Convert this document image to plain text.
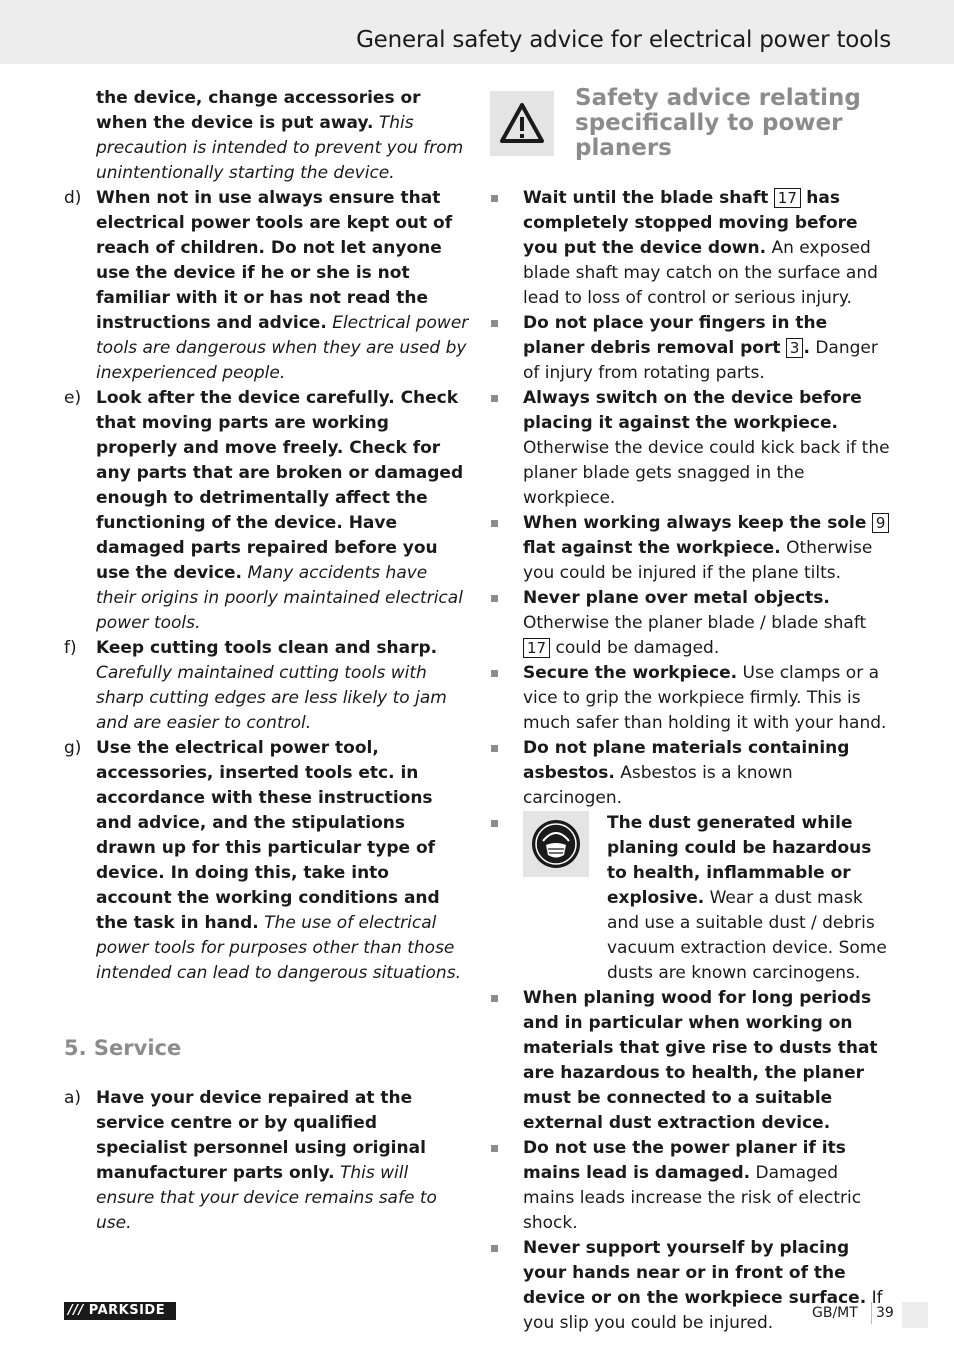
General safety advice for electrical power tools

the device, change accessories or when the device is put away. This precaution is intended to prevent you from unintentionally starting the device.

d) When not in use always ensure that electrical power tools are kept out of reach of children. Do not let anyone use the device if he or she is not familiar with it or has not read the instructions and advice. Electrical power tools are dangerous when they are used by inexperienced people.

e) Look after the device carefully. Check that moving parts are working properly and move freely. Check for any parts that are broken or damaged enough to detrimentally affect the functioning of the device. Have damaged parts repaired before you use the device. Many accidents have their origins in poorly maintained electrical power tools.

f) Keep cutting tools clean and sharp. Carefully maintained cutting tools with sharp cutting edges are less likely to jam and are easier to control.

g) Use the electrical power tool, accessories, inserted tools etc. in accordance with these instructions and advice, and the stipulations drawn up for this particular type of device. In doing this, take into account the working conditions and the task in hand. The use of electrical power tools for purposes other than those intended can lead to dangerous situations.

5. Service

a) Have your device repaired at the service centre or by qualified specialist personnel using original manufacturer parts only. This will ensure that your device remains safe to use.

Safety advice relating specifically to power planers

Wait until the blade shaft 17 has completely stopped moving before you put the device down. An exposed blade shaft may catch on the surface and lead to loss of control or serious injury.

Do not place your fingers in the planer debris removal port 3 . Danger of injury from rotating parts.

Always switch on the device before placing it against the workpiece. Otherwise the device could kick back if the planer blade gets snagged in the workpiece.

When working always keep the sole 9 flat against the workpiece. Otherwise you could be injured if the plane tilts.

Never plane over metal objects. Otherwise the planer blade / blade shaft 17 could be damaged.

Secure the workpiece. Use clamps or a vice to grip the workpiece firmly. This is much safer than holding it with your hand.

Do not plane materials containing asbestos. Asbestos is a known carcinogen.

The dust generated while planing could be hazardous to health, inflammable or explosive. Wear a dust mask and use a suitable dust / debris vacuum extraction device. Some dusts are known carcinogens.

When planing wood for long periods and in particular when working on materials that give rise to dusts that are hazardous to health, the planer must be connected to a suitable external dust extraction device.

Do not use the power planer if its mains lead is damaged. Damaged mains leads increase the risk of electric shock.

Never support yourself by placing your hands near or in front of the device or on the workpiece surface. If you slip you could be injured.

/// PARKSIDE	GB/MT 39
